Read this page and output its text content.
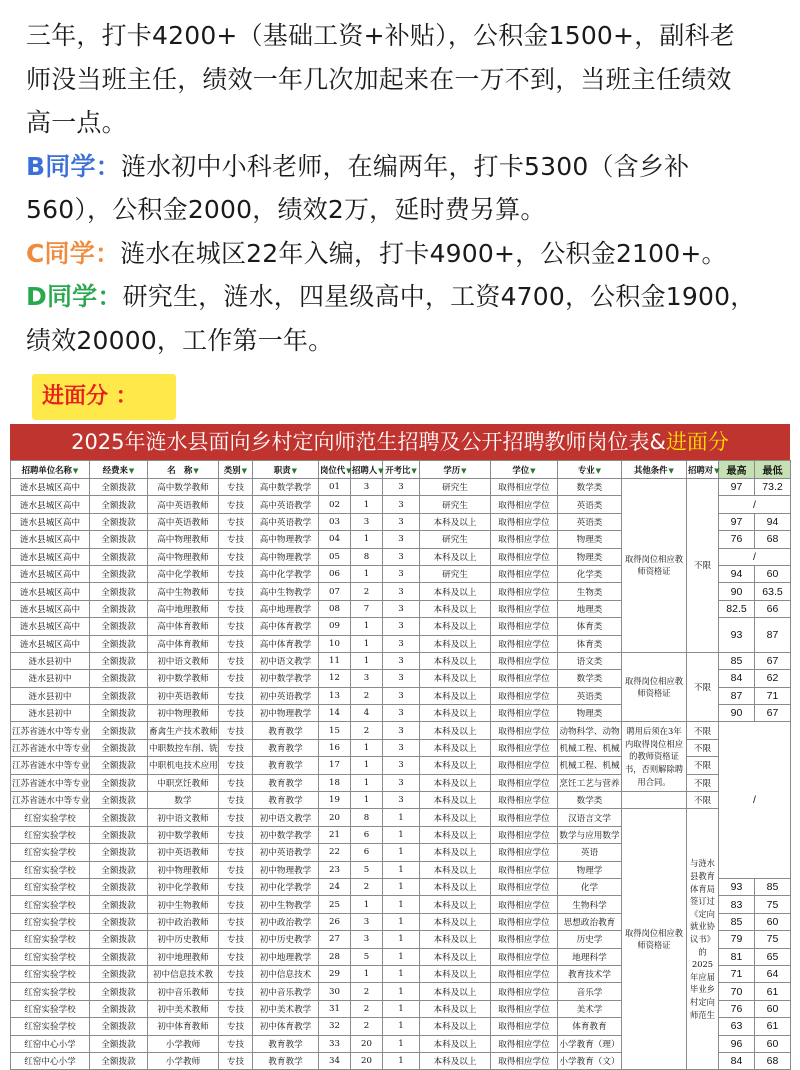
三年，打卡4200+（基础工资+补贴），公积金1500+，副科老

师没当班主任，绩效一年几次加起来在一万不到，当班主任绩效

高一点。

B同学：涟水初中小科老师，在编两年，打卡5300（含乡补

560），公积金2000，绩效2万，延时费另算。

C同学：涟水在城区22年入编，打卡4900+，公积金2100+。

D同学：研究生，涟水，四星级高中，工资4700，公积金1900，

绩效20000，工作第一年。

进面分 ：
2025年涟水县面向乡村定向师范生招聘及公开招聘教师岗位表&进面分
招聘单位名称▼	经费来▼	名　称▼	类别▼	职责▼	岗位代▼	招聘人▼	开考比▼	学历▼	学位▼	专业▼	其他条件▼	招聘对▼	最高	最低
涟水县城区高中	全额拨款	高中数学教师	专技	高中数学教学	01	3	3	研究生	取得相应学位	数学类	取得岗位相应教师资格证	不限	97	73.2
涟水县城区高中	全额拨款	高中英语教师	专技	高中英语教学	02	1	3	研究生	取得相应学位	英语类			/	
涟水县城区高中	全额拨款	高中英语教师	专技	高中英语教学	03	3	3	本科及以上	取得相应学位	英语类			97	94
涟水县城区高中	全额拨款	高中物理教师	专技	高中物理教学	04	1	3	研究生	取得相应学位	物理类			76	68
涟水县城区高中	全额拨款	高中物理教师	专技	高中物理教学	05	8	3	本科及以上	取得相应学位	物理类			/	
涟水县城区高中	全额拨款	高中化学教师	专技	高中化学教学	06	1	3	研究生	取得相应学位	化学类			94	60
涟水县城区高中	全额拨款	高中生物教师	专技	高中生物教学	07	2	3	本科及以上	取得相应学位	生物类			90	63.5
涟水县城区高中	全额拨款	高中地理教师	专技	高中地理教学	08	7	3	本科及以上	取得相应学位	地理类			82.5	66
涟水县城区高中	全额拨款	高中体育教师	专技	高中体育教学	09	1	3	本科及以上	取得相应学位	体育类			93	87
涟水县城区高中	全额拨款	高中体育教师	专技	高中体育教学	10	1	3	本科及以上	取得相应学位	体育类				
涟水县初中	全额拨款	初中语文教师	专技	初中语文教学	11	1	3	本科及以上	取得相应学位	语文类	取得岗位相应教师资格证	不限	85	67
涟水县初中	全额拨款	初中数学教师	专技	初中数学教学	12	3	3	本科及以上	取得相应学位	数学类			84	62
涟水县初中	全额拨款	初中英语教师	专技	初中英语教学	13	2	3	本科及以上	取得相应学位	英语类			87	71
涟水县初中	全额拨款	初中物理教师	专技	初中物理教学	14	4	3	本科及以上	取得相应学位	物理类			90	67
江苏省涟水中等专业	全额拨款	畜禽生产技术教师	专技	教育教学	15	2	3	本科及以上	取得相应学位	动物科学、动物	聘用后须在3年内取得岗位相应的教师资格证书，否则解除聘用合同。	不限	/	
江苏省涟水中等专业	全额拨款	中职数控车削、铣	专技	教育教学	16	1	3	本科及以上	取得相应学位	机械工程、机械		不限		
江苏省涟水中等专业	全额拨款	中职机电技术应用	专技	教育教学	17	1	3	本科及以上	取得相应学位	机械工程、机械		不限		
江苏省涟水中等专业	全额拨款	中职烹饪教师	专技	教育教学	18	1	3	本科及以上	取得相应学位	烹饪工艺与营养		不限		
江苏省涟水中等专业	全额拨款	数学	专技	教育教学	19	1	3	本科及以上	取得相应学位	数学类		不限		
红窑实验学校	全额拨款	初中语文教师	专技	初中语文教学	20	8	1	本科及以上	取得相应学位	汉语言文学	取得岗位相应教师资格证	与涟水县教育体育局签订过《定向就业协议书》的2025年应届毕业乡村定向师范生		
红窑实验学校	全额拨款	初中数学教师	专技	初中数学教学	21	6	1	本科及以上	取得相应学位	数学与应用数学				
红窑实验学校	全额拨款	初中英语教师	专技	初中英语教学	22	6	1	本科及以上	取得相应学位	英语				
红窑实验学校	全额拨款	初中物理教师	专技	初中物理教学	23	5	1	本科及以上	取得相应学位	物理学				
红窑实验学校	全额拨款	初中化学教师	专技	初中化学教学	24	2	1	本科及以上	取得相应学位	化学			93	85
红窑实验学校	全额拨款	初中生物教师	专技	初中生物教学	25	1	1	本科及以上	取得相应学位	生物科学			83	75
红窑实验学校	全额拨款	初中政治教师	专技	初中政治教学	26	3	1	本科及以上	取得相应学位	思想政治教育			85	60
红窑实验学校	全额拨款	初中历史教师	专技	初中历史教学	27	3	1	本科及以上	取得相应学位	历史学			79	75
红窑实验学校	全额拨款	初中地理教师	专技	初中地理教学	28	5	1	本科及以上	取得相应学位	地理科学			81	65
红窑实验学校	全额拨款	初中信息技术教	专技	初中信息技术	29	1	1	本科及以上	取得相应学位	教育技术学			71	64
红窑实验学校	全额拨款	初中音乐教师	专技	初中音乐教学	30	2	1	本科及以上	取得相应学位	音乐学			70	61
红窑实验学校	全额拨款	初中美术教师	专技	初中美术教学	31	2	1	本科及以上	取得相应学位	美术学			76	60
红窑实验学校	全额拨款	初中体育教师	专技	初中体育教学	32	2	1	本科及以上	取得相应学位	体育教育			63	61
红窑中心小学	全额拨款	小学教师	专技	教育教学	33	20	1	本科及以上	取得相应学位	小学教育（理）			96	60
红窑中心小学	全额拨款	小学教师	专技	教育教学	34	20	1	本科及以上	取得相应学位	小学教育（文）			84	68
